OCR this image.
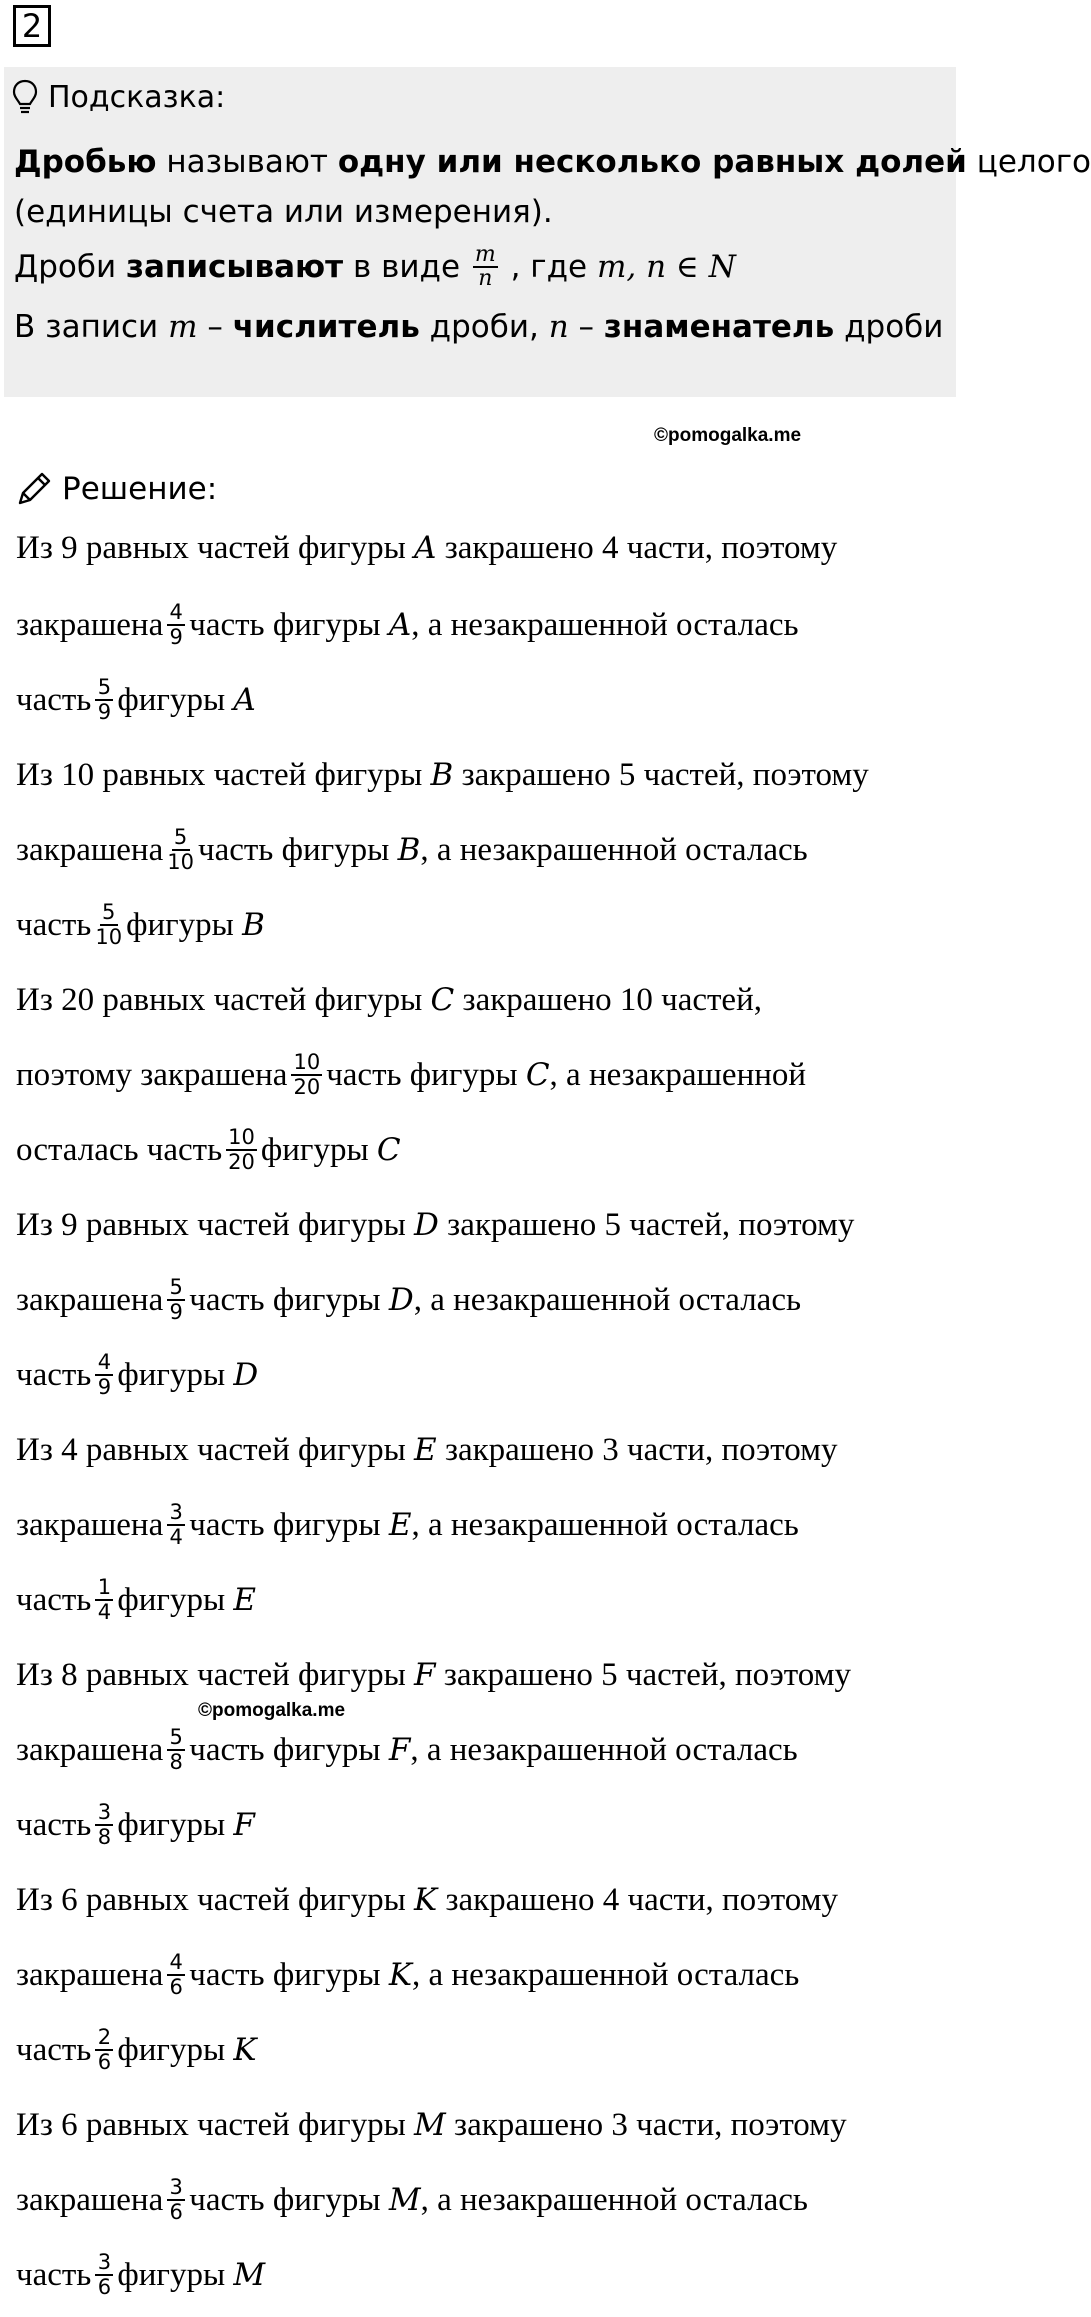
2
Подсказка:
Дробью называют одну или несколько равных долей целого
(единицы счета или измерения).
Дроби записывают в виде $\frac{m}{n}$ , где m, n ∈ N
В записи m – числитель дроби, n – знаменатель дроби
©pomogalka.me
Решение:
Из 9 равных частей фигуры A закрашено 4 части, поэтому
закрашена $\frac{4}{9}$ часть фигуры A , а незакрашенной осталась
часть $\frac{5}{9}$ фигуры A
Из 10 равных частей фигуры B закрашено 5 частей, поэтому
закрашена $\frac{5}{10}$ часть фигуры B , а незакрашенной осталась
часть $\frac{5}{10}$ фигуры B
Из 20 равных частей фигуры C закрашено 10 частей,
поэтому закрашена $\frac{10}{20}$ часть фигуры C , а незакрашенной
осталась часть $\frac{10}{20}$ фигуры C
Из 9 равных частей фигуры D закрашено 5 частей, поэтому
закрашена $\frac{5}{9}$ часть фигуры D , а незакрашенной осталась
часть $\frac{4}{9}$ фигуры D
Из 4 равных частей фигуры E закрашено 3 части, поэтому
закрашена $\frac{3}{4}$ часть фигуры E , а незакрашенной осталась
часть $\frac{1}{4}$ фигуры E
Из 8 равных частей фигуры F закрашено 5 частей, поэтому
закрашена $\frac{5}{8}$ часть фигуры F , а незакрашенной осталась
часть $\frac{3}{8}$ фигуры F
Из 6 равных частей фигуры K закрашено 4 части, поэтому
закрашена $\frac{4}{6}$ часть фигуры K , а незакрашенной осталась
часть $\frac{2}{6}$ фигуры K
Из 6 равных частей фигуры M закрашено 3 части, поэтому
закрашена $\frac{3}{6}$ часть фигуры M , а незакрашенной осталась
часть $\frac{3}{6}$ фигуры M
©pomogalka.me
